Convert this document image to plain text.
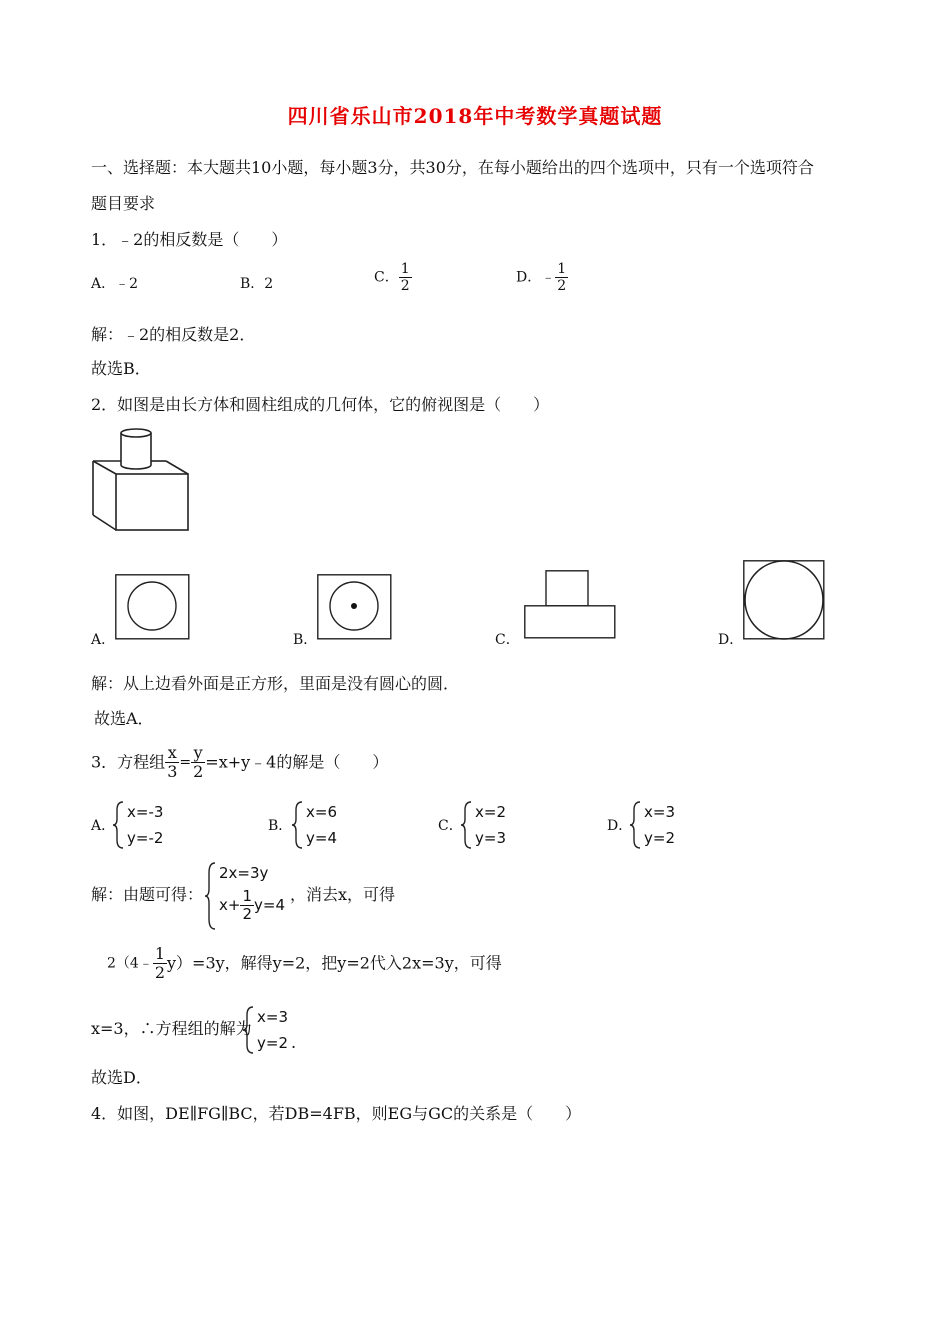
四川省乐山市2018年中考数学真题试题
一、选择题：本大题共10小题，每小题3分，共30分，在每小题给出的四个选项中，只有一个选项符合
题目要求
1．﹣2的相反数是（　　）
A．﹣2	B．2	C． $\frac{1}{2}$	D．﹣ $\frac{1}{2}$
解：﹣2的相反数是2．
故选B．
2．如图是由长方体和圆柱组成的几何体，它的俯视图是（　　）
A．	B．	C．	D．
解：从上边看外面是正方形，里面是没有圆心的圆．
故选A．
3．方程组 $\frac{x}{3} = \frac{y}{2}$ =x+y﹣4的解是（　　）
A．
x=-3
y=-2
B．
x=6
y=4
C．
x=2
y=3
D．
x=3
y=2
解：由题可得：
2x=3y
$x+ \frac{1}{2} y=4$
，消去x，可得
2（4﹣ $\frac{1}{2} y)=3y$，解得y=2，把y=2代入2x=3y，可得
x=3，∴方程组的解为
x=3
y=2 .
故选D．
4．如图，DE∥FG∥BC，若DB=4FB，则EG与GC的关系是（　　）
